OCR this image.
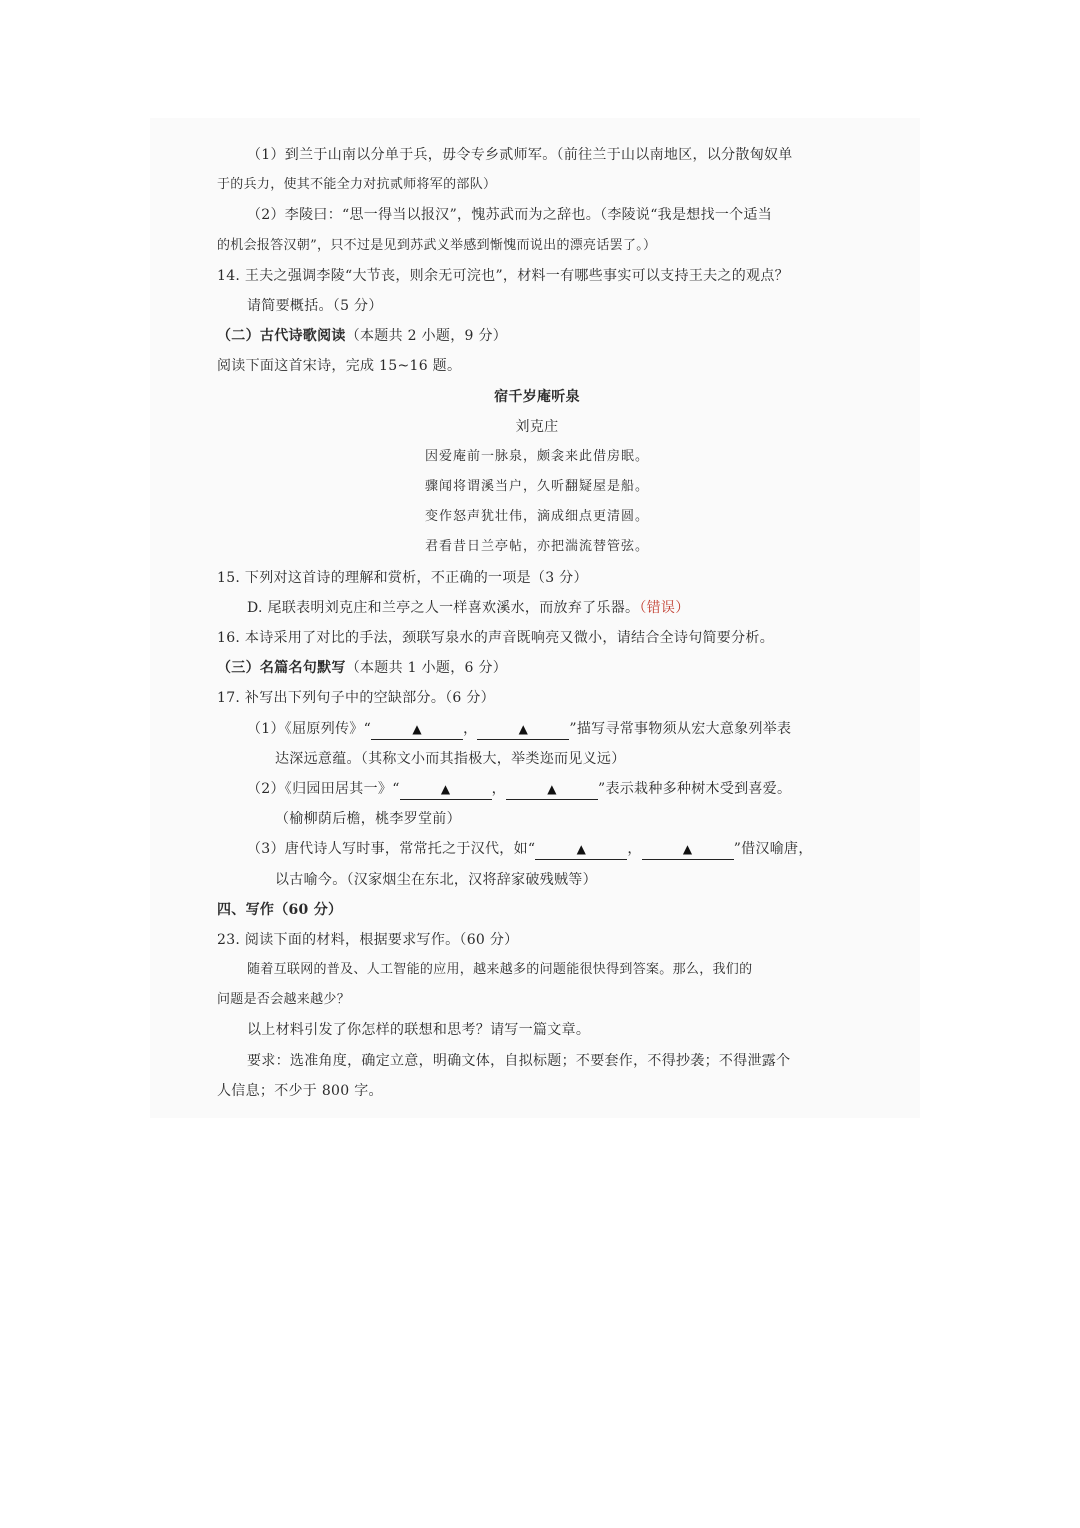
（1）到兰于山南以分单于兵，毋令专乡贰师军。（前往兰于山以南地区，以分散匈奴单
于的兵力，使其不能全力对抗贰师将军的部队）
（2）李陵曰：“思一得当以报汉”，愧苏武而为之辞也。（李陵说“我是想找一个适当
的机会报答汉朝”，只不过是见到苏武义举感到惭愧而说出的漂亮话罢了。）
14. 王夫之强调李陵“大节丧，则余无可浣也”，材料一有哪些事实可以支持王夫之的观点？
请简要概括。（5 分）
（二）古代诗歌阅读（本题共 2 小题，9 分）
阅读下面这首宋诗，完成 15~16 题。
宿千岁庵听泉
刘克庄
因爱庵前一脉泉，颇衾来此借房眠。
骤闻将谓溪当户，久听翻疑屋是船。
变作怒声犹壮伟，滴成细点更清圆。
君看昔日兰亭帖，亦把湍流替管弦。
15. 下列对这首诗的理解和赏析，不正确的一项是（3 分）
D. 尾联表明刘克庄和兰亭之人一样喜欢溪水，而放弃了乐器。（错误）
16. 本诗采用了对比的手法，颈联写泉水的声音既响亮又微小，请结合全诗句简要分析。
（三）名篇名句默写（本题共 1 小题，6 分）
17. 补写出下列句子中的空缺部分。（6 分）
（1）《屈原列传》“	▲	，	▲	”描写寻常事物须从宏大意象列举表
达深远意蕴。（其称文小而其指极大，举类迩而见义远）
（2）《归园田居其一》“	▲	，	▲	”表示栽种多种树木受到喜爱。
（榆柳荫后檐，桃李罗堂前）
（3）唐代诗人写时事，常常托之于汉代，如“	▲	，	▲	”借汉喻唐，
以古喻今。（汉家烟尘在东北，汉将辞家破残贼等）
四、写作（60 分）
23. 阅读下面的材料，根据要求写作。（60 分）
随着互联网的普及、人工智能的应用，越来越多的问题能很快得到答案。那么，我们的
问题是否会越来越少？
以上材料引发了你怎样的联想和思考？请写一篇文章。
要求：选准角度，确定立意，明确文体，自拟标题；不要套作，不得抄袭；不得泄露个
人信息；不少于 800 字。
